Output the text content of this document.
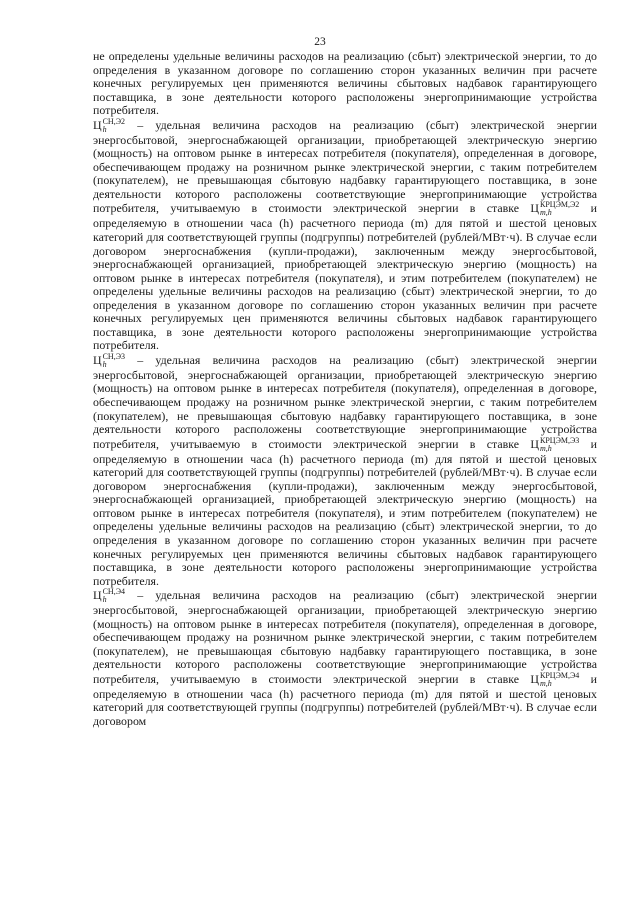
23

не определены удельные величины расходов на реализацию (сбыт) электрической энергии, то до определения в указанном договоре по соглашению сторон указанных величин при расчете конечных регулируемых цен применяются величины сбытовых надбавок гарантирующего поставщика, в зоне деятельности которого расположены энергопринимающие устройства потребителя.

Ц СН,Э2
h	– удельная величина расходов на реализацию (сбыт) электрической энергии энергосбытовой, энергоснабжающей организации, приобретающей электрическую энергию (мощность) на оптовом рынке в интересах потребителя (покупателя), определенная в договоре, обеспечивающем продажу на розничном рынке электрической энергии, с таким потребителем (покупателем), не превышающая сбытовую надбавку гарантирующего поставщика, в зоне деятельности которого расположены соответствующие энергопринимающие устройства потребителя, учитываемую в стоимости электрической энергии в ставке Ц КРЦЭМ,Э2
m,h	и определяемую в отношении часа (h) расчетного периода (m) для пятой и шестой ценовых категорий для соответствующей группы (подгруппы) потребителей (рублей/МВт·ч). В случае если договором энергоснабжения (купли-продажи), заключенным между энергосбытовой, энергоснабжающей организацией, приобретающей электрическую энергию (мощность) на оптовом рынке в интересах потребителя (покупателя), и этим потребителем (покупателем) не определены удельные величины расходов на реализацию (сбыт) электрической энергии, то до определения в указанном договоре по соглашению сторон указанных величин при расчете конечных регулируемых цен применяются величины сбытовых надбавок гарантирующего поставщика, в зоне деятельности которого расположены энергопринимающие устройства потребителя.

Ц СН,Э3
h	– удельная величина расходов на реализацию (сбыт) электрической энергии энергосбытовой, энергоснабжающей организации, приобретающей электрическую энергию (мощность) на оптовом рынке в интересах потребителя (покупателя), определенная в договоре, обеспечивающем продажу на розничном рынке электрической энергии, с таким потребителем (покупателем), не превышающая сбытовую надбавку гарантирующего поставщика, в зоне деятельности которого расположены соответствующие энергопринимающие устройства потребителя, учитываемую в стоимости электрической энергии в ставке Ц КРЦЭМ,Э3
m,h	и определяемую в отношении часа (h) расчетного периода (m) для пятой и шестой ценовых категорий для соответствующей группы (подгруппы) потребителей (рублей/МВт·ч). В случае если договором энергоснабжения (купли-продажи), заключенным между энергосбытовой, энергоснабжающей организацией, приобретающей электрическую энергию (мощность) на оптовом рынке в интересах потребителя (покупателя), и этим потребителем (покупателем) не определены удельные величины расходов на реализацию (сбыт) электрической энергии, то до определения в указанном договоре по соглашению сторон указанных величин при расчете конечных регулируемых цен применяются величины сбытовых надбавок гарантирующего поставщика, в зоне деятельности которого расположены энергопринимающие устройства потребителя.

Ц СН,Э4
h	– удельная величина расходов на реализацию (сбыт) электрической энергии энергосбытовой, энергоснабжающей организации, приобретающей электрическую энергию (мощность) на оптовом рынке в интересах потребителя (покупателя), определенная в договоре, обеспечивающем продажу на розничном рынке электрической энергии, с таким потребителем (покупателем), не превышающая сбытовую надбавку гарантирующего поставщика, в зоне деятельности которого расположены соответствующие энергопринимающие устройства потребителя, учитываемую в стоимости электрической энергии в ставке Ц КРЦЭМ,Э4
m,h	и определяемую в отношении часа (h) расчетного периода (m) для пятой и шестой ценовых категорий для соответствующей группы (подгруппы) потребителей (рублей/МВт·ч). В случае если договором
